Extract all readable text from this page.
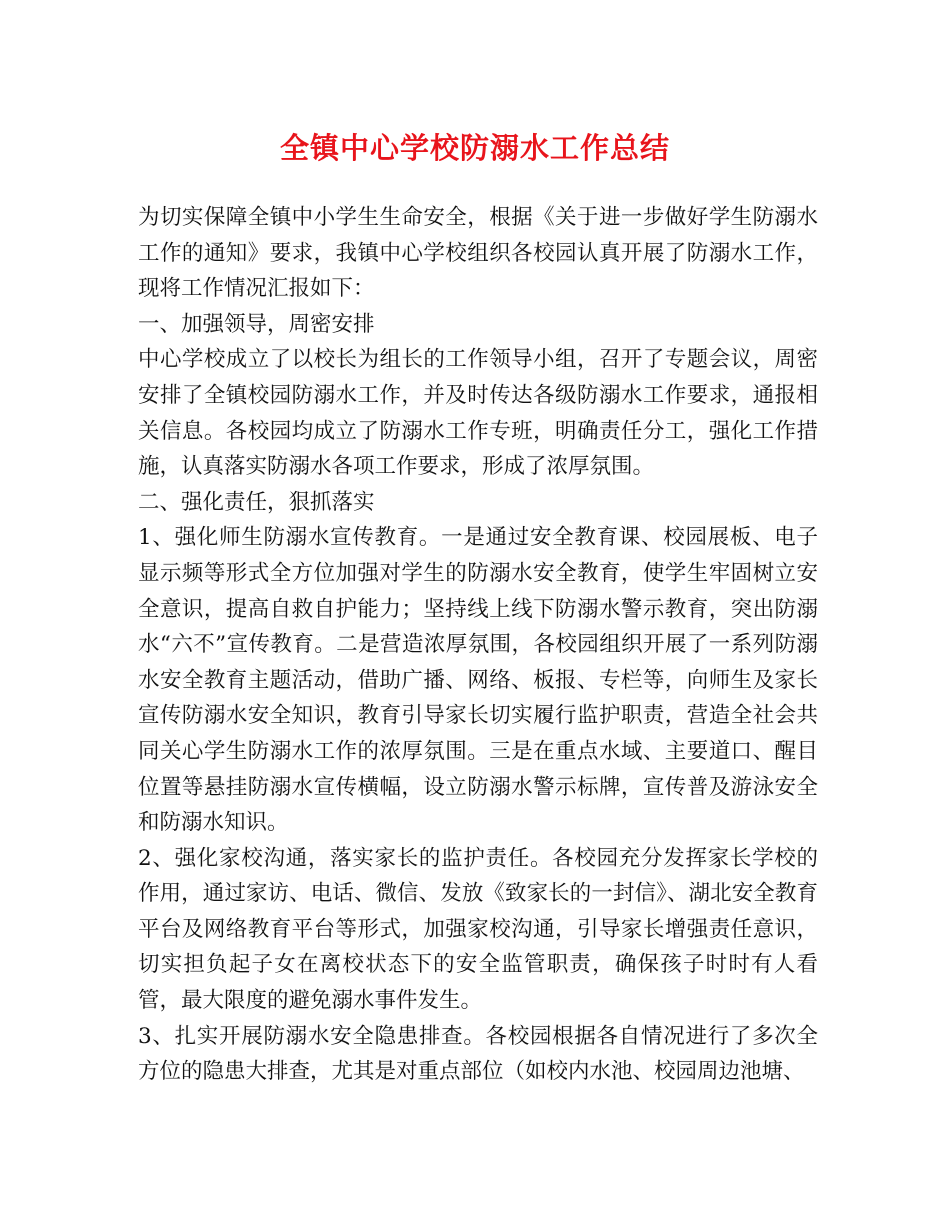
全镇中心学校防溺水工作总结

为切实保障全镇中小学生生命安全，根据《关于进一步做好学生防溺水工作的通知》要求，我镇中心学校组织各校园认真开展了防溺水工作，现将工作情况汇报如下：

一、加强领导，周密安排

中心学校成立了以校长为组长的工作领导小组，召开了专题会议，周密安排了全镇校园防溺水工作，并及时传达各级防溺水工作要求，通报相关信息。各校园均成立了防溺水工作专班，明确责任分工，强化工作措施，认真落实防溺水各项工作要求，形成了浓厚氛围。

二、强化责任，狠抓落实

1、强化师生防溺水宣传教育。一是通过安全教育课、校园展板、电子显示频等形式全方位加强对学生的防溺水安全教育，使学生牢固树立安全意识，提高自救自护能力；坚持线上线下防溺水警示教育，突出防溺水“六不”宣传教育。二是营造浓厚氛围，各校园组织开展了一系列防溺水安全教育主题活动，借助广播、网络、板报、专栏等，向师生及家长宣传防溺水安全知识，教育引导家长切实履行监护职责，营造全社会共同关心学生防溺水工作的浓厚氛围。三是在重点水域、主要道口、醒目位置等悬挂防溺水宣传横幅，设立防溺水警示标牌，宣传普及游泳安全和防溺水知识。

2、强化家校沟通，落实家长的监护责任。各校园充分发挥家长学校的作用，通过家访、电话、微信、发放《致家长的一封信》、湖北安全教育平台及网络教育平台等形式，加强家校沟通，引导家长增强责任意识，切实担负起子女在离校状态下的安全监管职责，确保孩子时时有人看管，最大限度的避免溺水事件发生。

3、扎实开展防溺水安全隐患排查。各校园根据各自情况进行了多次全方位的隐患大排查，尤其是对重点部位（如校内水池、校园周边池塘、
